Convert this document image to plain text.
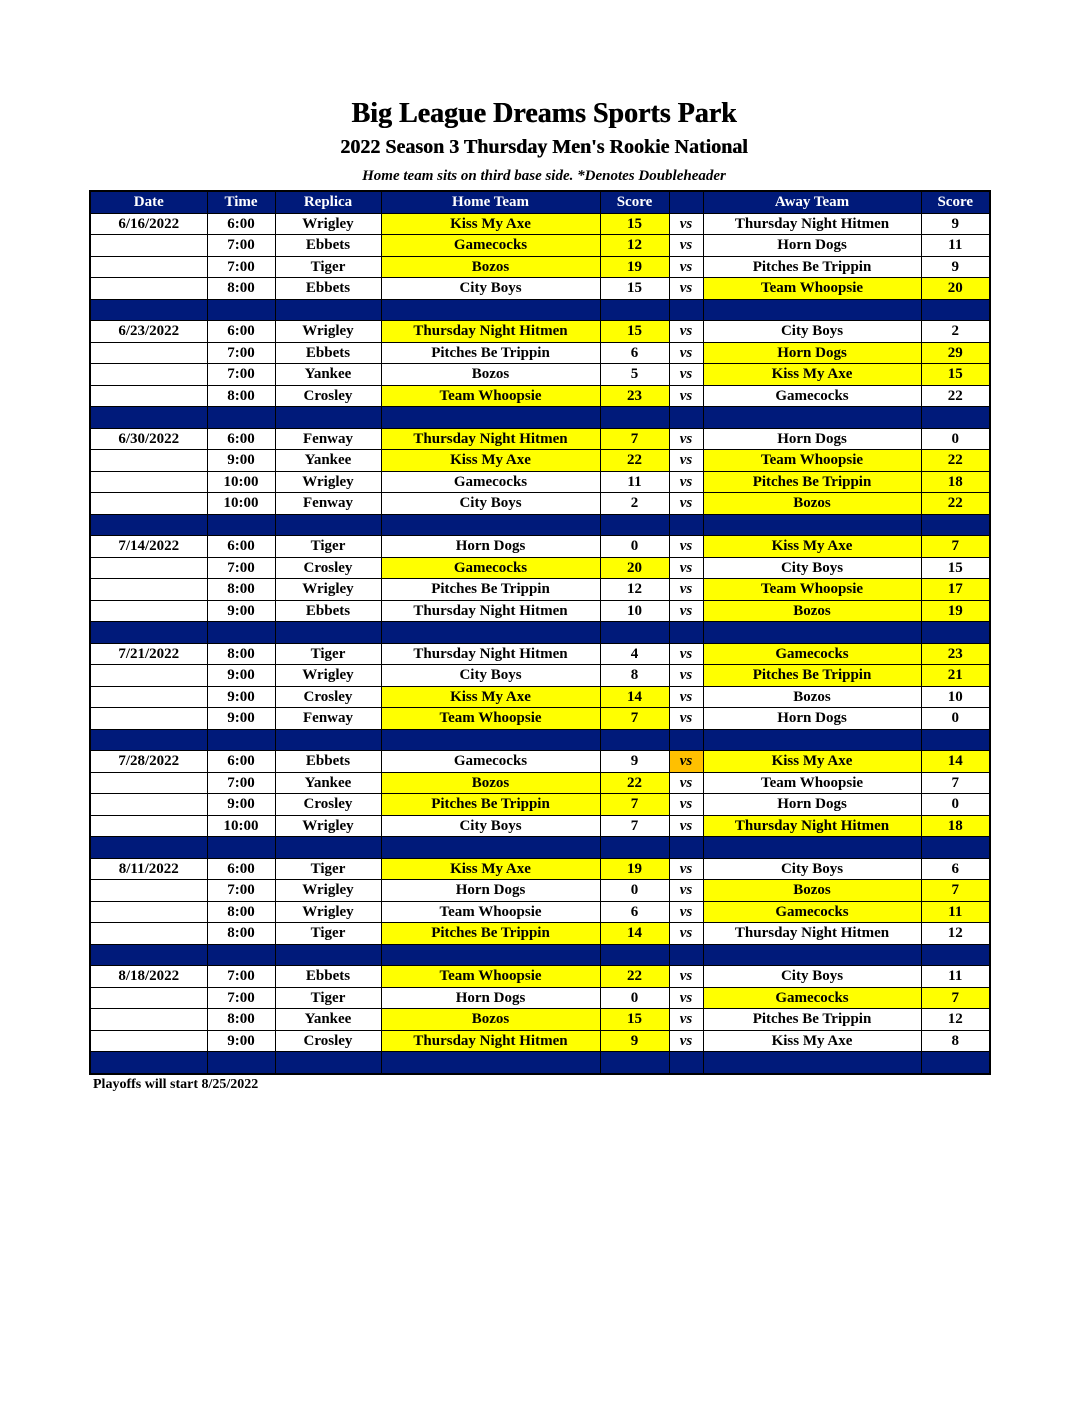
Big League Dreams Sports Park
2022 Season 3 Thursday Men's Rookie National
Home team sits on third base side. *Denotes Doubleheader
Date	Time	Replica	Home Team	Score		Away Team	Score
6/16/2022	6:00	Wrigley	Kiss My Axe	15	vs	Thursday Night Hitmen	9
	7:00	Ebbets	Gamecocks	12	vs	Horn Dogs	11
	7:00	Tiger	Bozos	19	vs	Pitches Be Trippin	9
	8:00	Ebbets	City Boys	15	vs	Team Whoopsie	20

6/23/2022	6:00	Wrigley	Thursday Night Hitmen	15	vs	City Boys	2
	7:00	Ebbets	Pitches Be Trippin	6	vs	Horn Dogs	29
	7:00	Yankee	Bozos	5	vs	Kiss My Axe	15
	8:00	Crosley	Team Whoopsie	23	vs	Gamecocks	22

6/30/2022	6:00	Fenway	Thursday Night Hitmen	7	vs	Horn Dogs	0
	9:00	Yankee	Kiss My Axe	22	vs	Team Whoopsie	22
	10:00	Wrigley	Gamecocks	11	vs	Pitches Be Trippin	18
	10:00	Fenway	City Boys	2	vs	Bozos	22

7/14/2022	6:00	Tiger	Horn Dogs	0	vs	Kiss My Axe	7
	7:00	Crosley	Gamecocks	20	vs	City Boys	15
	8:00	Wrigley	Pitches Be Trippin	12	vs	Team Whoopsie	17
	9:00	Ebbets	Thursday Night Hitmen	10	vs	Bozos	19

7/21/2022	8:00	Tiger	Thursday Night Hitmen	4	vs	Gamecocks	23
	9:00	Wrigley	City Boys	8	vs	Pitches Be Trippin	21
	9:00	Crosley	Kiss My Axe	14	vs	Bozos	10
	9:00	Fenway	Team Whoopsie	7	vs	Horn Dogs	0

7/28/2022	6:00	Ebbets	Gamecocks	9	vs	Kiss My Axe	14
	7:00	Yankee	Bozos	22	vs	Team Whoopsie	7
	9:00	Crosley	Pitches Be Trippin	7	vs	Horn Dogs	0
	10:00	Wrigley	City Boys	7	vs	Thursday Night Hitmen	18

8/11/2022	6:00	Tiger	Kiss My Axe	19	vs	City Boys	6
	7:00	Wrigley	Horn Dogs	0	vs	Bozos	7
	8:00	Wrigley	Team Whoopsie	6	vs	Gamecocks	11
	8:00	Tiger	Pitches Be Trippin	14	vs	Thursday Night Hitmen	12

8/18/2022	7:00	Ebbets	Team Whoopsie	22	vs	City Boys	11
	7:00	Tiger	Horn Dogs	0	vs	Gamecocks	7
	8:00	Yankee	Bozos	15	vs	Pitches Be Trippin	12
	9:00	Crosley	Thursday Night Hitmen	9	vs	Kiss My Axe	8

Playoffs will start 8/25/2022
